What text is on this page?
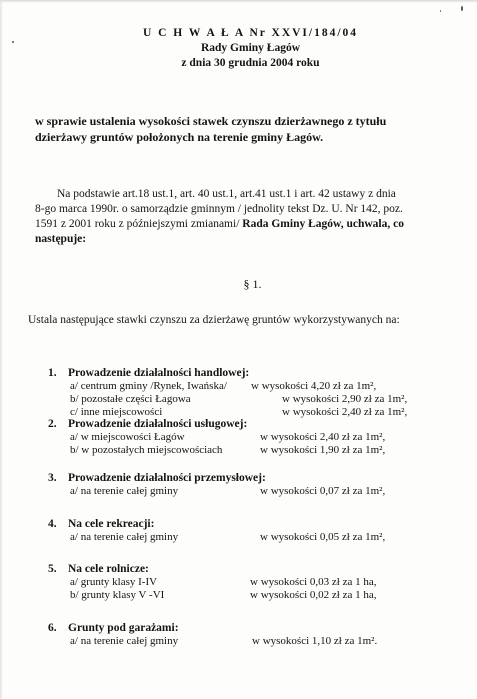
U C H W A Ł A Nr XXVI/184/04
Rady Gminy Łagów
z dnia 30 grudnia 2004 roku
w sprawie ustalenia wysokości stawek czynszu dzierżawnego z tytułu
dzierżawy gruntów położonych na terenie gminy Łagów.
Na podstawie art.18 ust.1, art. 40 ust.1, art.41 ust.1 i art. 42 ustawy z dnia
8-go marca 1990r. o samorządzie gminnym / jednolity tekst Dz. U. Nr 142, poz.
1591 z 2001 roku z późniejszymi zmianami/ Rada Gminy Łagów, uchwala, co
następuje:
§ 1.
Ustala następujące stawki czynszu za dzierżawę gruntów wykorzystywanych na:
1. Prowadzenie działalności handlowej:
a/ centrum gminy /Rynek, Iwańska/ w wysokości 4,20 zł za 1m²,
b/ pozostałe części Łagowa	w wysokości 2,90 zł za 1m²,
c/ inne miejscowości	w wysokości 2,40 zł za 1m²,
2. Prowadzenie działalności usługowej:
a/ w miejscowości Łagów	w wysokości 2,40 zł za 1m²,
b/ w pozostałych miejscowościach	w wysokości 1,90 zł za 1m²,
3. Prowadzenie działalności przemysłowej:
a/ na terenie całej gminy	w wysokości 0,07 zł za 1m²,
4. Na cele rekreacji:
a/ na terenie całej gminy	w wysokości 0,05 zł za 1m²,
5. Na cele rolnicze:
a/ grunty klasy I-IV	w wysokości 0,03 zł za 1 ha,
b/ grunty klasy V -VI	w wysokości 0,02 zł za 1 ha,
6. Grunty pod garażami:
a/ na terenie całej gminy	w wysokości 1,10 zł za 1m².
